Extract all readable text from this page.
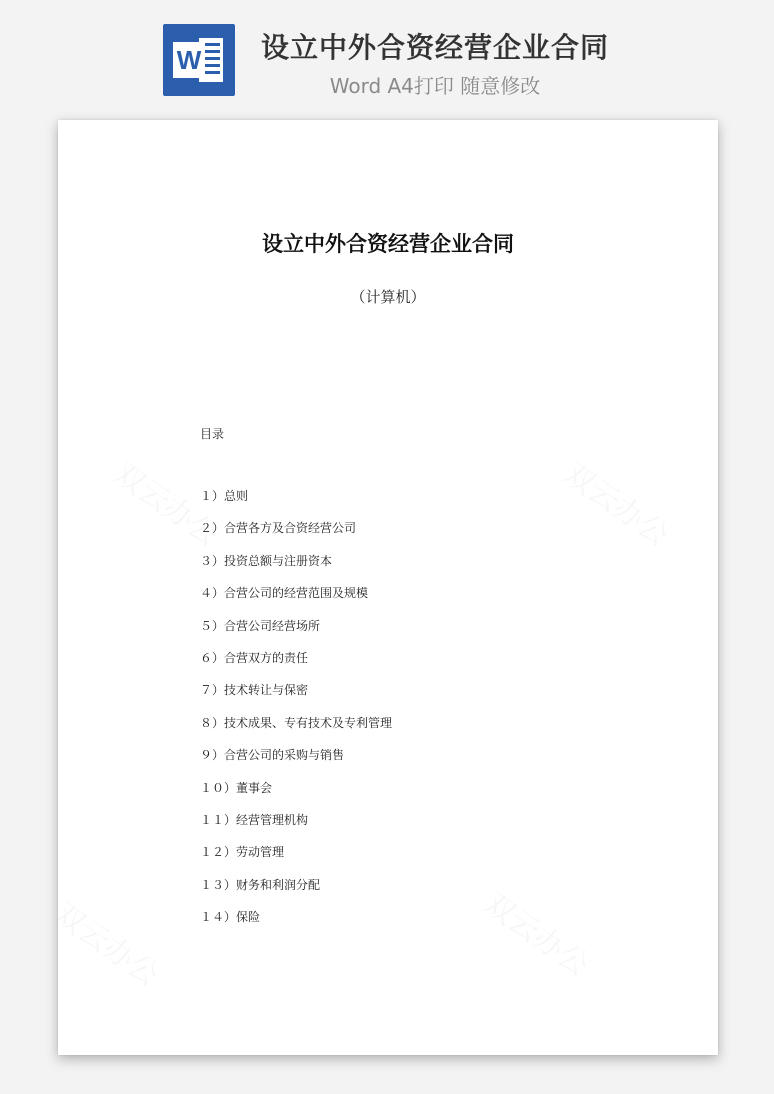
W	设立中外合资经营企业合同
Word A4打印 随意修改
设立中外合资经营企业合同
（计算机）
目录
１）总则
２）合营各方及合资经营公司
３）投资总额与注册资本
４）合营公司的经营范围及规模
５）合营公司经营场所
６）合营双方的责任
７）技术转让与保密
８）技术成果、专有技术及专利管理
９）合营公司的采购与销售
１０）董事会
１１）经营管理机构
１２）劳动管理
１３）财务和利润分配
１４）保险
